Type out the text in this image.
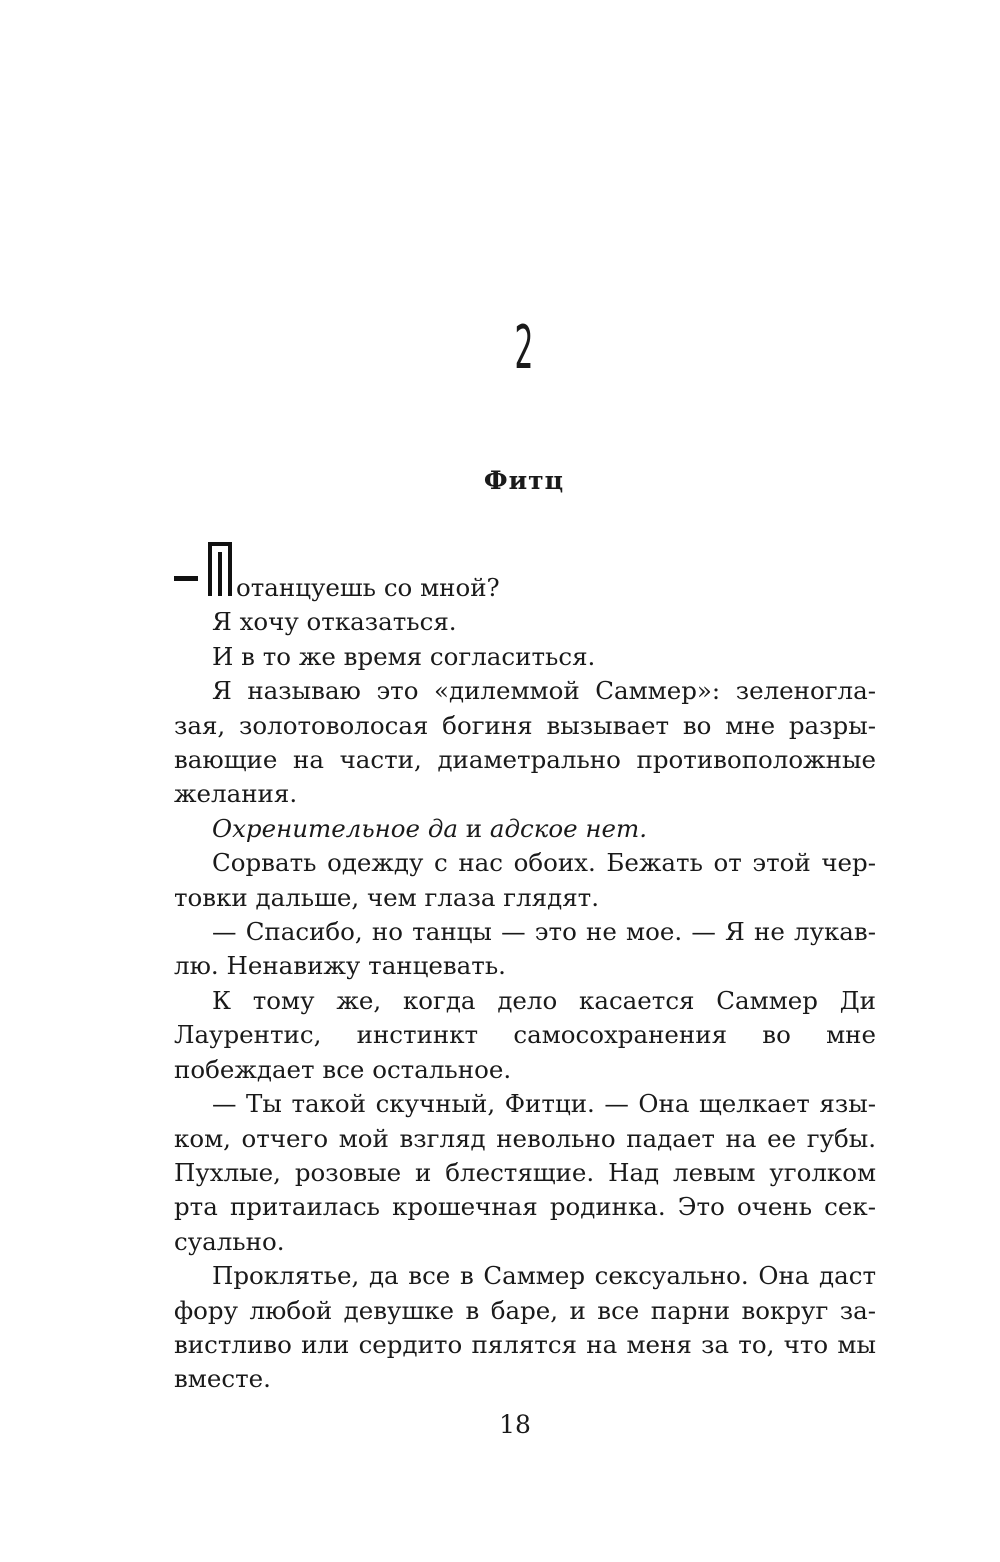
2
Фитц

отанцуешь со мной?

Я хочу отказаться.

И в то же время согласиться.

Я называю это «дилеммой Саммер»: зеленоглазая, золотоволосая богиня вызывает во мне разрывающие на части, диаметрально противоположные желания.

Охренительное да и адское нет.

Сорвать одежду с нас обоих. Бежать от этой чертовки дальше, чем глаза глядят.

— Спасибо, но танцы — это не мое. — Я не лукавлю. Ненавижу танцевать.

К тому же, когда дело касается Саммер Ди Лаурентис, инстинкт самосохранения во мне побеждает все остальное.

— Ты такой скучный, Фитци. — Она щелкает языком, отчего мой взгляд невольно падает на ее губы. Пухлые, розовые и блестящие. Над левым уголком рта притаилась крошечная родинка. Это очень сексуально.

Проклятье, да все в Саммер сексуально. Она даст фору любой девушке в баре, и все парни вокруг завистливо или сердито пялятся на меня за то, что мы вместе.

18
